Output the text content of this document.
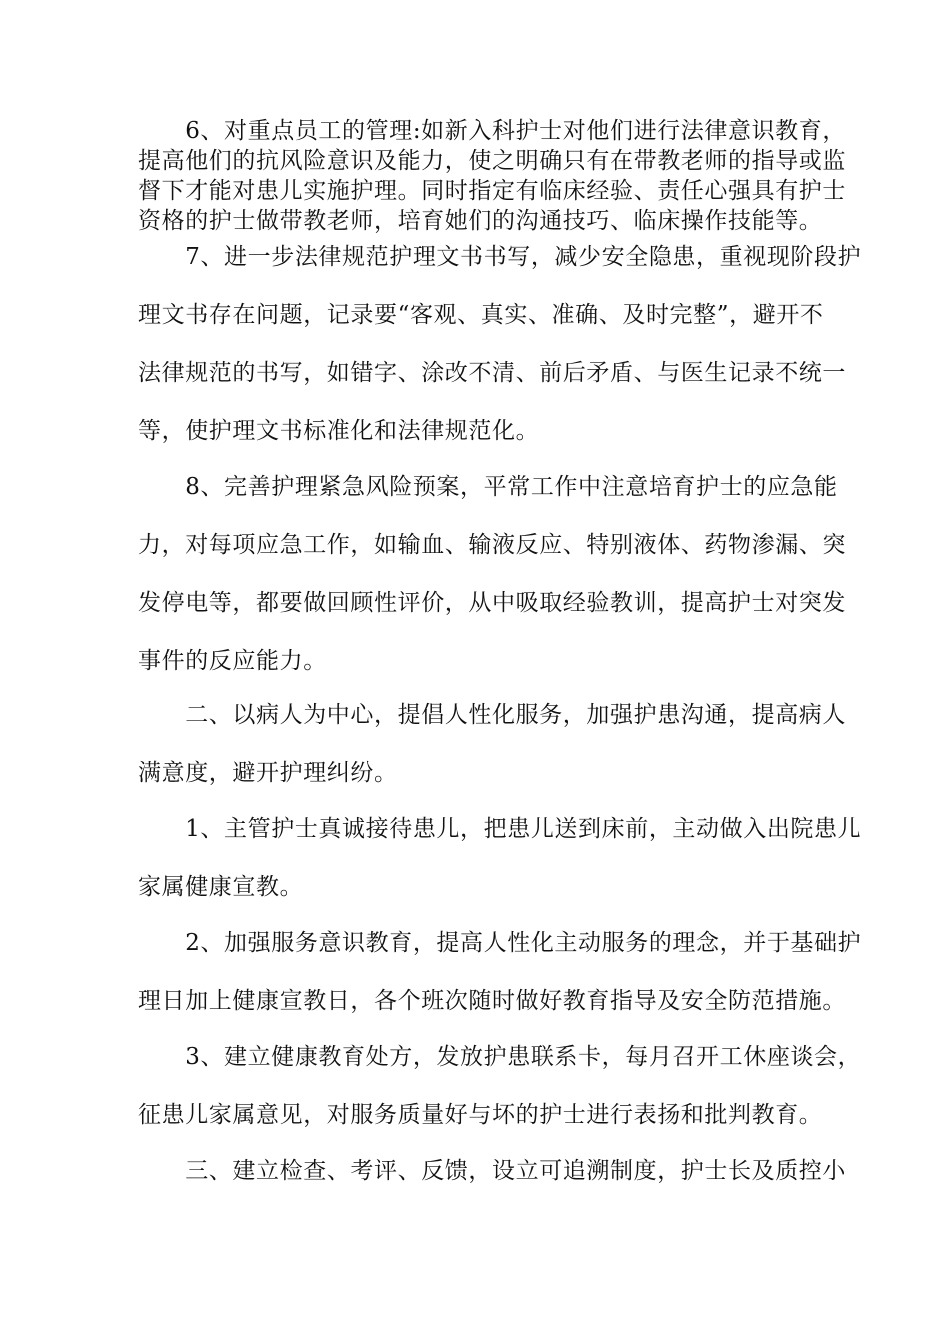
　　6、对重点员工的管理:如新入科护士对他们进行法律意识教育，
提高他们的抗风险意识及能力，使之明确只有在带教老师的指导或监
督下才能对患儿实施护理。同时指定有临床经验、责任心强具有护士
资格的护士做带教老师，培育她们的沟通技巧、临床操作技能等。
　　7、进一步法律规范护理文书书写，减少安全隐患，重视现阶段护
理文书存在问题，记录要“客观、真实、准确、及时完整”，避开不
法律规范的书写，如错字、涂改不清、前后矛盾、与医生记录不统一
等，使护理文书标准化和法律规范化。
　　8、完善护理紧急风险预案，平常工作中注意培育护士的应急能
力，对每项应急工作，如输血、输液反应、特别液体、药物渗漏、突
发停电等，都要做回顾性评价，从中吸取经验教训，提高护士对突发
事件的反应能力。
　　二、以病人为中心，提倡人性化服务，加强护患沟通，提高病人
满意度，避开护理纠纷。
　　1、主管护士真诚接待患儿，把患儿送到床前，主动做入出院患儿
家属健康宣教。
　　2、加强服务意识教育，提高人性化主动服务的理念，并于基础护
理日加上健康宣教日，各个班次随时做好教育指导及安全防范措施。
　　3、建立健康教育处方，发放护患联系卡，每月召开工休座谈会，
征患儿家属意见，对服务质量好与坏的护士进行表扬和批判教育。
　　三、建立检查、考评、反馈，设立可追溯制度，护士长及质控小
